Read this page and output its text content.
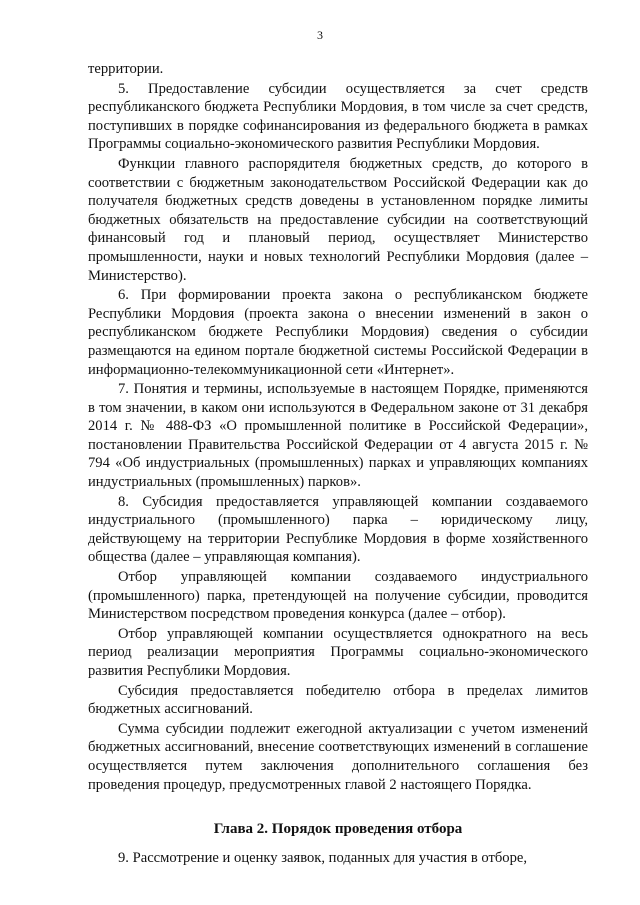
3

территории.

5. Предоставление субсидии осуществляется за счет средств республиканского бюджета Республики Мордовия, в том числе за счет средств, поступивших в порядке софинансирования из федерального бюджета в рамках Программы социально-экономического развития Республики Мордовия.

Функции главного распорядителя бюджетных средств, до которого в соответствии с бюджетным законодательством Российской Федерации как до получателя бюджетных средств доведены в установленном порядке лимиты бюджетных обязательств на предоставление субсидии на соответствующий финансовый год и плановый период, осуществляет Министерство промышленности, науки и новых технологий Республики Мордовия (далее – Министерство).

6. При формировании проекта закона о республиканском бюджете Республики Мордовия (проекта закона о внесении изменений в закон о республиканском бюджете Республики Мордовия) сведения о субсидии размещаются на едином портале бюджетной системы Российской Федерации в информационно-телекоммуникационной сети «Интернет».

7. Понятия и термины, используемые в настоящем Порядке, применяются в том значении, в каком они используются в Федеральном законе от 31 декабря 2014 г. № 488-ФЗ «О промышленной политике в Российской Федерации», постановлении Правительства Российской Федерации от 4 августа 2015 г. № 794 «Об индустриальных (промышленных) парках и управляющих компаниях индустриальных (промышленных) парков».

8. Субсидия предоставляется управляющей компании создаваемого индустриального (промышленного) парка – юридическому лицу, действующему на территории Республике Мордовия в форме хозяйственного общества (далее – управляющая компания).

Отбор управляющей компании создаваемого индустриального (промышленного) парка, претендующей на получение субсидии, проводится Министерством посредством проведения конкурса (далее – отбор).

Отбор управляющей компании осуществляется однократного на весь период реализации мероприятия Программы социально-экономического развития Республики Мордовия.

Субсидия предоставляется победителю отбора в пределах лимитов бюджетных ассигнований.

Сумма субсидии подлежит ежегодной актуализации с учетом изменений бюджетных ассигнований, внесение соответствующих изменений в соглашение осуществляется путем заключения дополнительного соглашения без проведения процедур, предусмотренных главой 2 настоящего Порядка.

Глава 2. Порядок проведения отбора

9. Рассмотрение и оценку заявок, поданных для участия в отборе,
